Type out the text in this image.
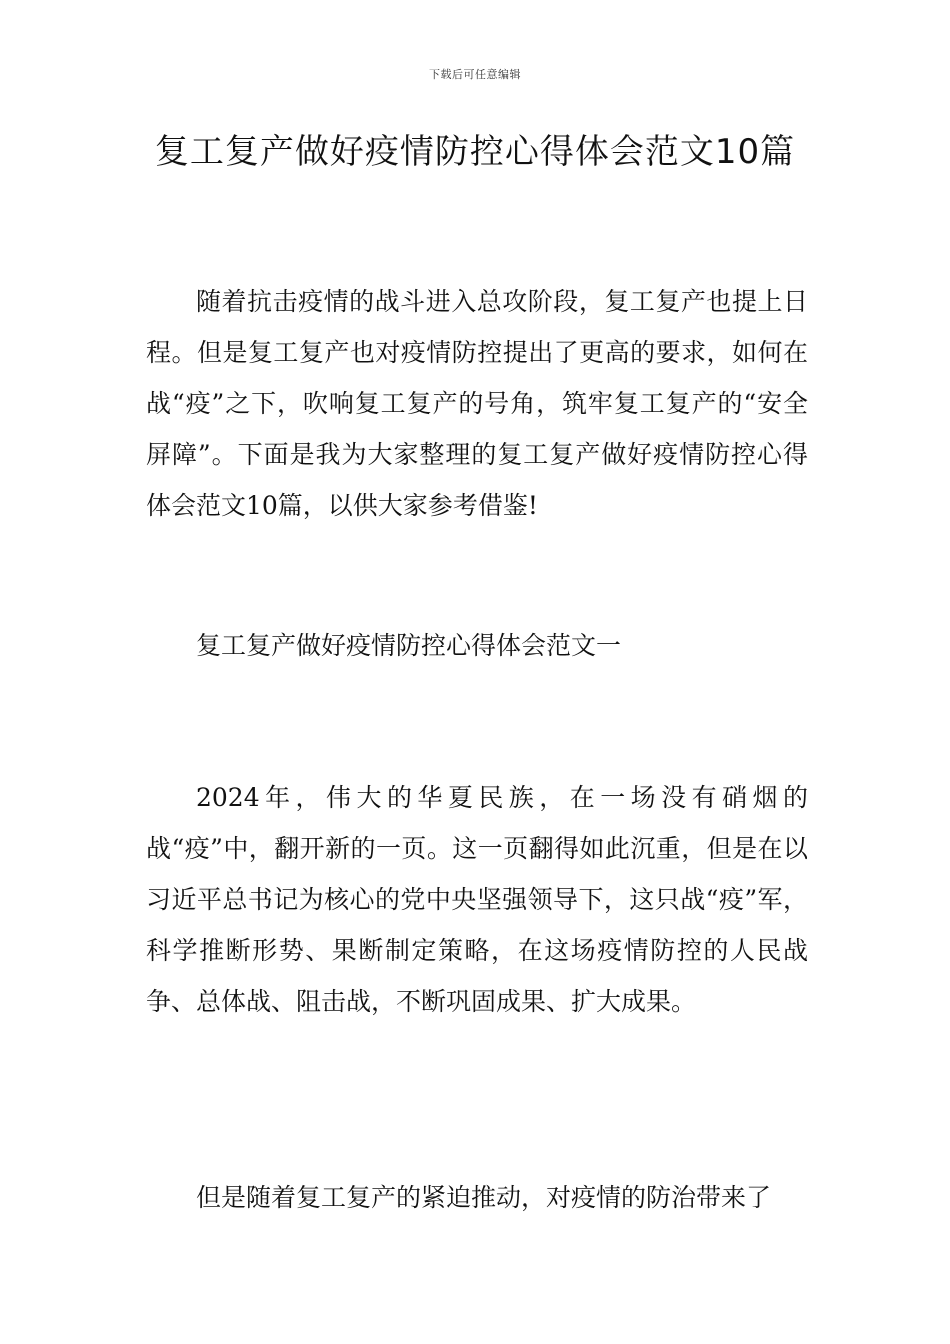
下载后可任意编辑
复工复产做好疫情防控心得体会范文10篇

随着抗击疫情的战斗进入总攻阶段，复工复产也提上日程。但是复工复产也对疫情防控提出了更高的要求，如何在战“疫”之下，吹响复工复产的号角，筑牢复工复产的“安全屏障”。下面是我为大家整理的复工复产做好疫情防控心得体会范文10篇，以供大家参考借鉴!

复工复产做好疫情防控心得体会范文一

2024年，伟大的华夏民族，在一场没有硝烟的战“疫”中，翻开新的一页。这一页翻得如此沉重，但是在以习近平总书记为核心的党中央坚强领导下，这只战“疫”军，科学推断形势、果断制定策略，在这场疫情防控的人民战争、总体战、阻击战，不断巩固成果、扩大成果。

但是随着复工复产的紧迫推动，对疫情的防治带来了
